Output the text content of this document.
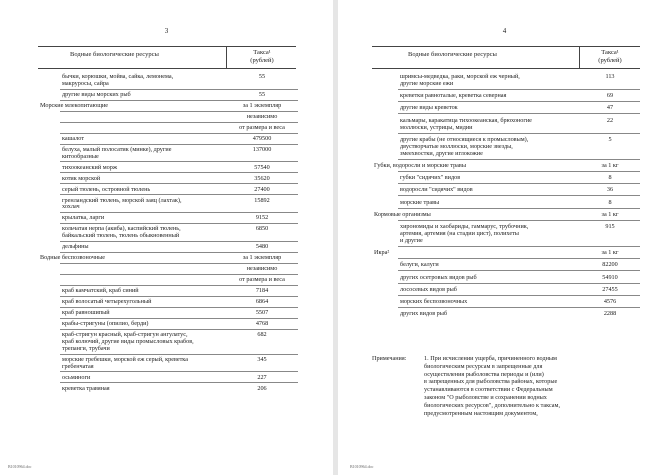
3
Водные биологические ресурсы	Такса¹
(рублей)
бычки, корюшки, мойва, сайка, лемонема,	55
макруросы, сайра
другие виды морских рыб	55
Морские млекопитающие	за 1 экземпляр
независимо
от размера и веса
кашалот	479500
белуха, малый полосатик (минке), другие	137000
китообразные
тихоокеанский морж	57540
котик морской	35620
серый тюлень, островной тюлень	27400
гренландский тюлень, морской заяц (лахтак),	15892
хохлач
крылатка, ларги	9152
кольчатая нерпа (акиба), каспийский тюлень,	6850
байкальский тюлень, тюлень обыкновенный
дельфины	5480
Водные беспозвоночные	за 1 экземпляр
независимо
от размера и веса
краб камчатский, краб синий	7184
краб волосатый четырехугольный	6864
краб равношипый	5507
крабы-стригуны (опилио, берди)	4768
краб-стригун красный, краб-стригун ангулатус,	682
краб колючий, другие виды промысловых крабов,
трепанги, трубачи
морские гребешки, морской еж серый, креветка	345
гребенчатая
осьминоги	227
креветка травяная	206
В1010964.doc
4
Водные биологические ресурсы	Такса¹
(рублей)
шримсы-медведка, раки, морской еж черный,	113
другие морские ежи
креветки равноталые, креветка северная	69
другие виды креветок	47
кальмары, каракатица тихоокеанская, брюхоногие	22
моллюски, устрицы, мидии
другие крабы (не относящиеся к промысловым),	5
двустворчатые моллюски, морские звезды,
змеехвостки, другие иглокожие
Губки, водоросли и морские травы	за 1 кг
губки "сидячих" видов	8
водоросли "сидячих" видов	36
морские травы	8
Кормовые организмы	за 1 кг
хирономиды и хаобариды, гаммарус, трубочник,	915
артемия, артемия (на стадии цист), полихеты
и другие
Икра²	за 1 кг
белуги, калуги	82200
других осетровых видов рыб	54910
лососевых видов рыб	27455
морских беспозвоночных	4576
других видов рыб	2288
Примечания:	1. При исчислении ущерба, причиненного водным
биологическим ресурсам в запрещенные для
осуществления рыболовства периоды и (или)
в запрещенных для рыболовства районах, которые
устанавливаются в соответствии с Федеральным
законом "О рыболовстве и сохранении водных
биологических ресурсов", дополнительно к таксам,
предусмотренным настоящим документом,
В1010964.doc
